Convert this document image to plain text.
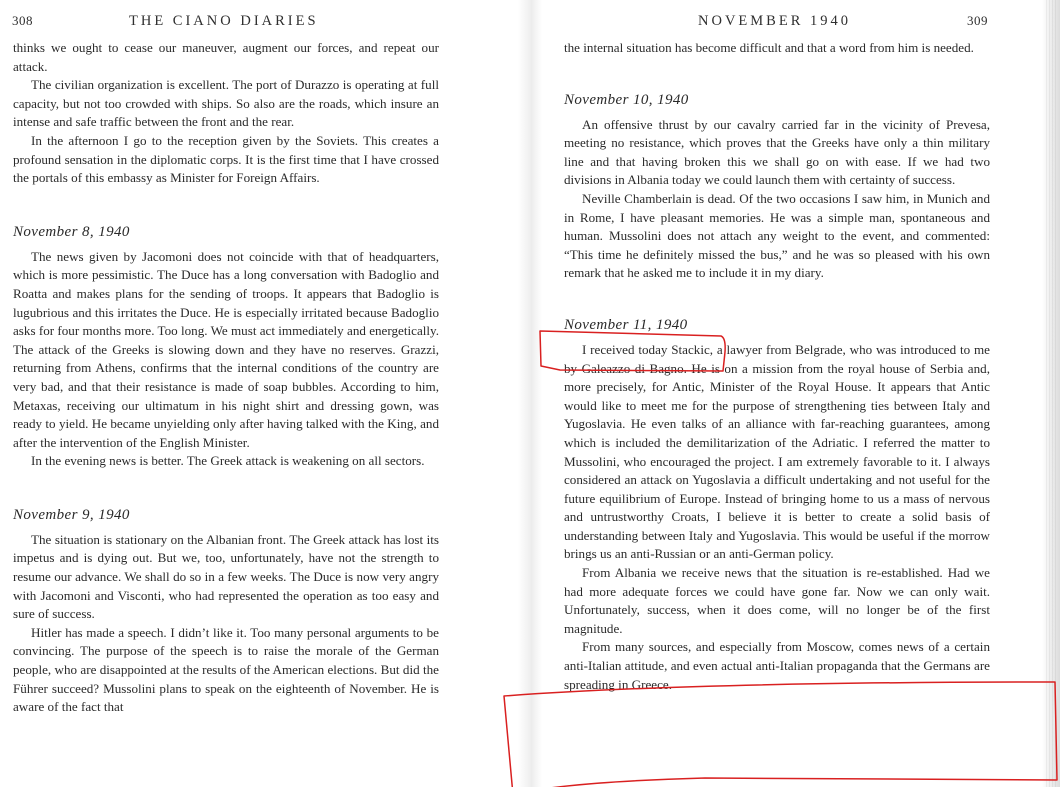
308	THE CIANO DIARIES

thinks we ought to cease our maneuver, augment our forces, and repeat our attack.

The civilian organization is excellent. The port of Durazzo is operating at full capacity, but not too crowded with ships. So also are the roads, which insure an intense and safe traffic between the front and the rear.

In the afternoon I go to the reception given by the Soviets. This creates a profound sensation in the diplomatic corps. It is the first time that I have crossed the portals of this embassy as Minister for Foreign Affairs.

November 8, 1940

The news given by Jacomoni does not coincide with that of headquarters, which is more pessimistic. The Duce has a long conversation with Badoglio and Roatta and makes plans for the sending of troops. It appears that Badoglio is lugubrious and this irritates the Duce. He is especially irritated because Badoglio asks for four months more. Too long. We must act immediately and energetically. The attack of the Greeks is slowing down and they have no reserves. Grazzi, returning from Athens, confirms that the internal conditions of the country are very bad, and that their resistance is made of soap bubbles. According to him, Metaxas, receiving our ultimatum in his night shirt and dressing gown, was ready to yield. He became unyielding only after having talked with the King, and after the intervention of the English Minister.

In the evening news is better. The Greek attack is weakening on all sectors.

November 9, 1940

The situation is stationary on the Albanian front. The Greek attack has lost its impetus and is dying out. But we, too, unfortunately, have not the strength to resume our advance. We shall do so in a few weeks. The Duce is now very angry with Jacomoni and Visconti, who had represented the operation as too easy and sure of success.

Hitler has made a speech. I didn’t like it. Too many personal arguments to be convincing. The purpose of the speech is to raise the morale of the German people, who are disappointed at the results of the American elections. But did the Führer succeed? Mussolini plans to speak on the eighteenth of November. He is aware of the fact that

NOVEMBER 1940	309

the internal situation has become difficult and that a word from him is needed.

November 10, 1940

An offensive thrust by our cavalry carried far in the vicinity of Prevesa, meeting no resistance, which proves that the Greeks have only a thin military line and that having broken this we shall go on with ease. If we had two divisions in Albania today we could launch them with certainty of success.

Neville Chamberlain is dead. Of the two occasions I saw him, in Munich and in Rome, I have pleasant memories. He was a simple man, spontaneous and human. Mussolini does not attach any weight to the event, and commented: “This time he definitely missed the bus,” and he was so pleased with his own remark that he asked me to include it in my diary.

November 11, 1940

I received today Stackic, a lawyer from Belgrade, who was introduced to me by Galeazzo di Bagno. He is on a mission from the royal house of Serbia and, more precisely, for Antic, Minister of the Royal House. It appears that Antic would like to meet me for the purpose of strengthening ties between Italy and Yugoslavia. He even talks of an alliance with far-reaching guarantees, among which is included the demilitarization of the Adriatic. I referred the matter to Mussolini, who encouraged the project. I am extremely favorable to it. I always considered an attack on Yugoslavia a difficult undertaking and not useful for the future equilibrium of Europe. Instead of bringing home to us a mass of nervous and untrustworthy Croats, I believe it is better to create a solid basis of understanding between Italy and Yugoslavia. This would be useful if the morrow brings us an anti-Russian or an anti-German policy.

From Albania we receive news that the situation is re-established. Had we had more adequate forces we could have gone far. Now we can only wait. Unfortunately, success, when it does come, will no longer be of the first magnitude.

From many sources, and especially from Moscow, comes news of a certain anti-Italian attitude, and even actual anti-Italian propaganda that the Germans are spreading in Greece.
